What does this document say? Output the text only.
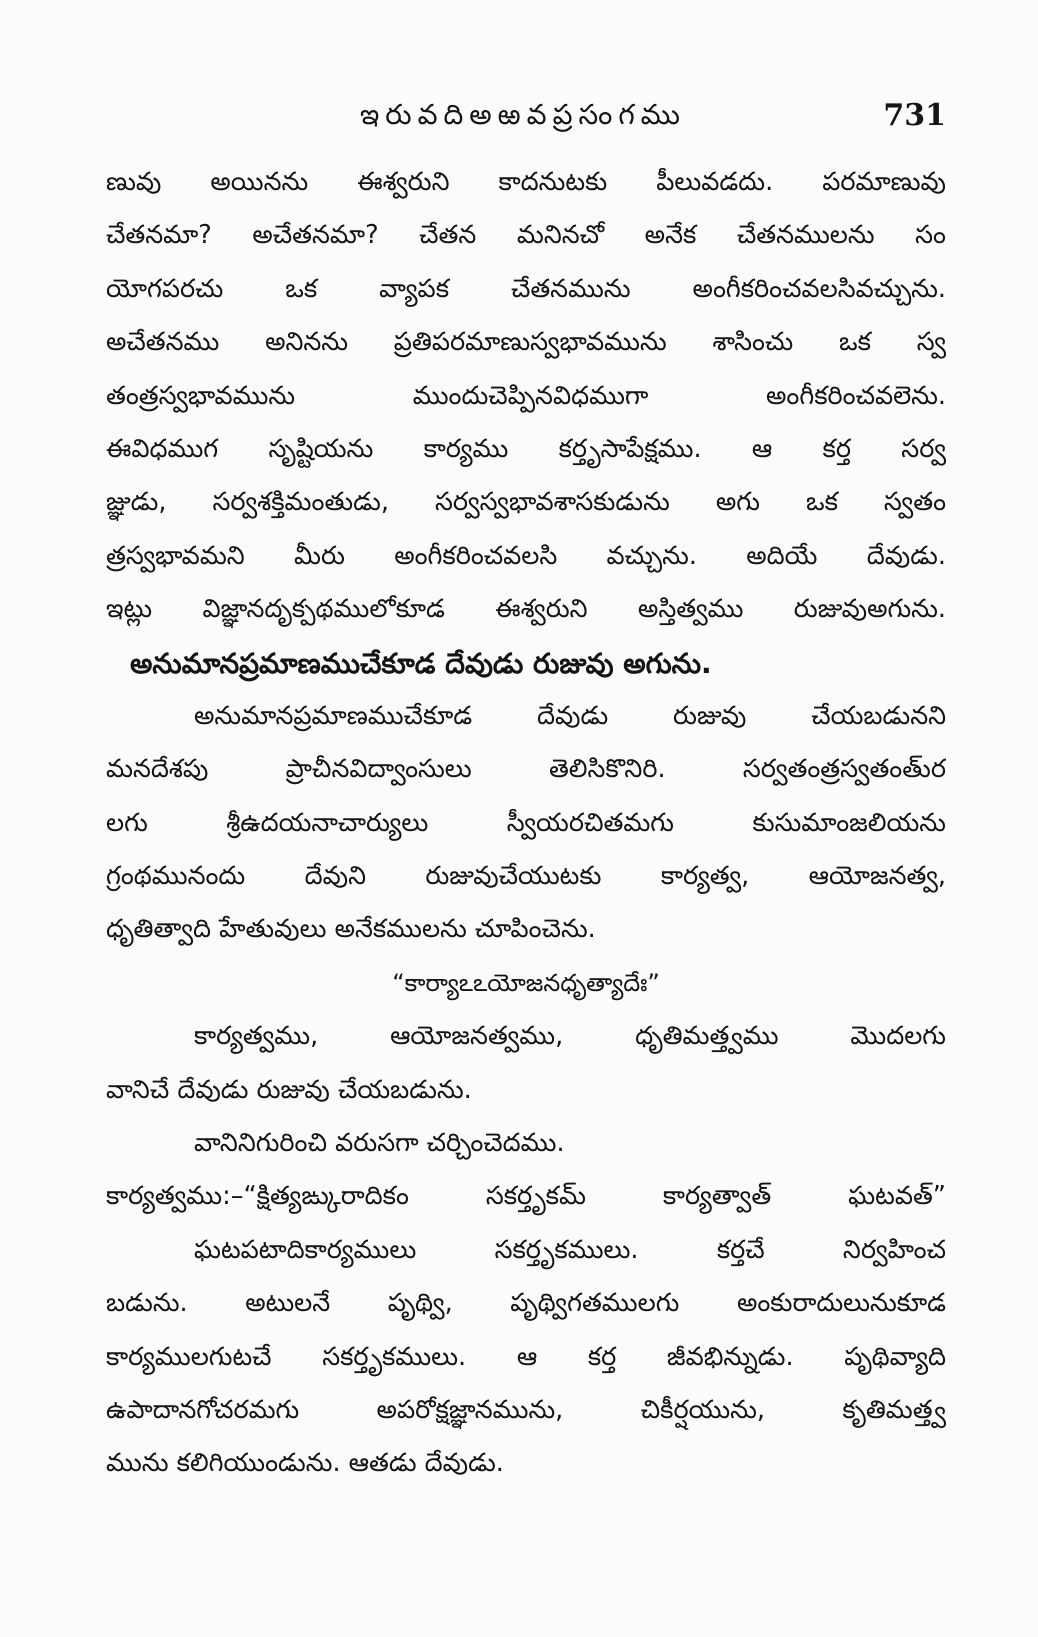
ఇరువదిఅఱవప్రసంగము	731
ణువు అయినను ఈశ్వరుని కాదనుటకు పీలువడదు. పరమాణువు
చేతనమా? అచేతనమా? చేతన మనినచో అనేక చేతనములను సం
యోగపరచు ఒక వ్యాపక చేతనమును అంగీకరించవలసివచ్చును.
అచేతనము అనినను ప్రతిపరమాణుస్వభావమును శాసించు ఒక స్వ
తంత్రస్వభావమును ముందుచెప్పినవిధముగా అంగీకరించవలెను.
ఈవిధముగ సృష్టియను కార్యము కర్తృసాపేక్షము. ఆ కర్త సర్వ
జ్ఞుడు, సర్వశక్తిమంతుడు, సర్వస్వభావశాసకుడును అగు ఒక స్వతం
త్రస్వభావమని మీరు అంగీకరించవలసి వచ్చును. అదియే దేవుడు.
ఇట్లు విజ్ఞానదృక్పథములోకూడ ఈశ్వరుని అస్తిత్వము రుజువుఅగును.
అనుమానప్రమాణముచేకూడ దేవుడు రుజువు అగును.
అనుమానప్రమాణముచేకూడ దేవుడు రుజువు చేయబడునని
మనదేశపు ప్రాచీనవిద్వాంసులు తెలిసికొనిరి. సర్వతంత్రస్వతంతు్ర
లగు శ్రీఉదయనాచార్యులు స్వీయరచితమగు కుసుమాంజలియను
గ్రంథమునందు దేవుని రుజువుచేయుటకు కార్యత్వ, ఆయోజనత్వ,
ధృతిత్వాది హేతువులు అనేకములను చూపించెను.
“కార్యాఽఽయోజనధృత్యాదేః”
కార్యత్వము, ఆయోజనత్వము, ధృతిమత్త్వము మొదలగు
వానిచే దేవుడు రుజువు చేయబడును.
వానినిగురించి వరుసగా చర్చించెదము.
కార్యత్వము:–“క్షిత్యఙ్కురాదికం సకర్తృకమ్ కార్యత్వాత్ ఘటవత్”
ఘటపటాదికార్యములు సకర్తృకములు. కర్తచే నిర్వహించ
బడును. అటులనే పృథ్వి, పృథ్విగతములగు అంకురాదులునుకూడ
కార్యములగుటచే సకర్తృకములు. ఆ కర్త జీవభిన్నుడు. పృథివ్యాది
ఉపాదానగోచరమగు అపరోక్షజ్ఞానమును, చికీర్షయును, కృతిమత్త్వ
మును కలిగియుండును. ఆతడు దేవుడు.
